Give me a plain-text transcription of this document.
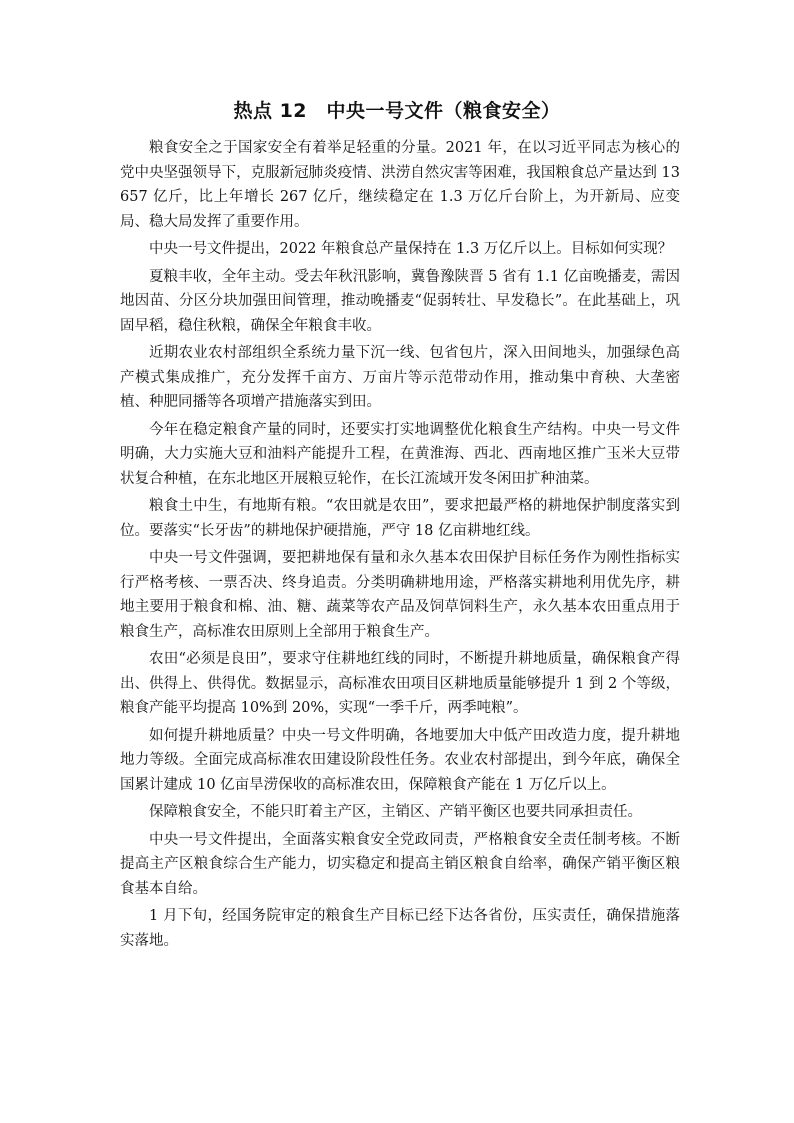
热点 12　中央一号文件（粮食安全）

粮食安全之于国家安全有着举足轻重的分量。2021 年，在以习近平同志为核心的党中央坚强领导下，克服新冠肺炎疫情、洪涝自然灾害等困难，我国粮食总产量达到 13657 亿斤，比上年增长 267 亿斤，继续稳定在 1.3 万亿斤台阶上，为开新局、应变局、稳大局发挥了重要作用。

中央一号文件提出，2022 年粮食总产量保持在 1.3 万亿斤以上。目标如何实现？

夏粮丰收，全年主动。受去年秋汛影响，冀鲁豫陕晋 5 省有 1.1 亿亩晚播麦，需因地因苗、分区分块加强田间管理，推动晚播麦“促弱转壮、早发稳长”。在此基础上，巩固早稻，稳住秋粮，确保全年粮食丰收。

近期农业农村部组织全系统力量下沉一线、包省包片，深入田间地头，加强绿色高产模式集成推广，充分发挥千亩方、万亩片等示范带动作用，推动集中育秧、大垄密植、种肥同播等各项增产措施落实到田。

今年在稳定粮食产量的同时，还要实打实地调整优化粮食生产结构。中央一号文件明确，大力实施大豆和油料产能提升工程，在黄淮海、西北、西南地区推广玉米大豆带状复合种植，在东北地区开展粮豆轮作，在长江流域开发冬闲田扩种油菜。

粮食土中生，有地斯有粮。“农田就是农田”，要求把最严格的耕地保护制度落实到位。要落实“长牙齿”的耕地保护硬措施，严守 18 亿亩耕地红线。

中央一号文件强调，要把耕地保有量和永久基本农田保护目标任务作为刚性指标实行严格考核、一票否决、终身追责。分类明确耕地用途，严格落实耕地利用优先序，耕地主要用于粮食和棉、油、糖、蔬菜等农产品及饲草饲料生产，永久基本农田重点用于粮食生产，高标准农田原则上全部用于粮食生产。

农田“必须是良田”，要求守住耕地红线的同时，不断提升耕地质量，确保粮食产得出、供得上、供得优。数据显示，高标准农田项目区耕地质量能够提升 1 到 2 个等级，粮食产能平均提高 10%到 20%，实现“一季千斤，两季吨粮”。

如何提升耕地质量？中央一号文件明确，各地要加大中低产田改造力度，提升耕地地力等级。全面完成高标准农田建设阶段性任务。农业农村部提出，到今年底，确保全国累计建成 10 亿亩旱涝保收的高标准农田，保障粮食产能在 1 万亿斤以上。

保障粮食安全，不能只盯着主产区，主销区、产销平衡区也要共同承担责任。

中央一号文件提出，全面落实粮食安全党政同责，严格粮食安全责任制考核。不断提高主产区粮食综合生产能力，切实稳定和提高主销区粮食自给率，确保产销平衡区粮食基本自给。

1 月下旬，经国务院审定的粮食生产目标已经下达各省份，压实责任，确保措施落实落地。
